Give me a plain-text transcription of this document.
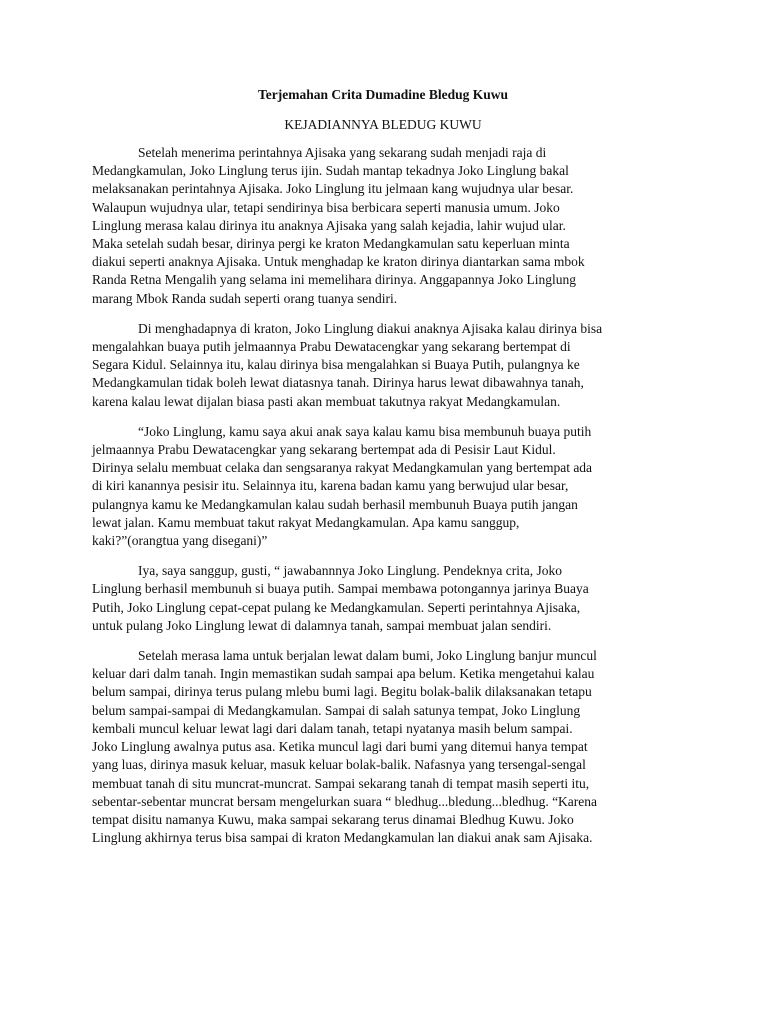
Terjemahan Crita Dumadine Bledug Kuwu
KEJADIANNYA BLEDUG KUWU
Setelah menerima perintahnya Ajisaka yang sekarang sudah menjadi raja di
Medangkamulan, Joko Linglung terus ijin. Sudah mantap tekadnya Joko Linglung bakal
melaksanakan perintahnya Ajisaka. Joko Linglung itu jelmaan kang wujudnya ular besar.
Walaupun wujudnya ular, tetapi sendirinya bisa berbicara seperti manusia umum. Joko
Linglung merasa kalau dirinya itu anaknya Ajisaka yang salah kejadia, lahir wujud ular.
Maka setelah sudah besar, dirinya pergi ke kraton Medangkamulan satu keperluan minta
diakui seperti anaknya Ajisaka. Untuk menghadap ke kraton dirinya diantarkan sama mbok
Randa Retna Mengalih yang selama ini memelihara dirinya. Anggapannya Joko Linglung
marang Mbok Randa sudah seperti orang tuanya sendiri.
Di menghadapnya di kraton, Joko Linglung diakui anaknya Ajisaka kalau dirinya bisa
mengalahkan buaya putih jelmaannya Prabu Dewatacengkar yang sekarang bertempat di
Segara Kidul. Selainnya itu, kalau dirinya bisa mengalahkan si Buaya Putih, pulangnya ke
Medangkamulan tidak boleh lewat diatasnya tanah. Dirinya harus lewat dibawahnya tanah,
karena kalau lewat dijalan biasa pasti akan membuat takutnya rakyat Medangkamulan.
“Joko Linglung, kamu saya akui anak saya kalau kamu bisa membunuh buaya putih
jelmaannya Prabu Dewatacengkar yang sekarang bertempat ada di Pesisir Laut Kidul.
Dirinya selalu membuat celaka dan sengsaranya rakyat Medangkamulan yang bertempat ada
di kiri kanannya pesisir itu. Selainnya itu, karena badan kamu yang berwujud ular besar,
pulangnya kamu ke Medangkamulan kalau sudah berhasil membunuh Buaya putih jangan
lewat jalan. Kamu membuat takut rakyat Medangkamulan. Apa kamu sanggup,
kaki?”(orangtua yang disegani)”
Iya, saya sanggup, gusti, “ jawabannnya Joko Linglung. Pendeknya crita, Joko
Linglung berhasil membunuh si buaya putih. Sampai membawa potongannya jarinya Buaya
Putih, Joko Linglung cepat-cepat pulang ke Medangkamulan. Seperti perintahnya Ajisaka,
untuk pulang Joko Linglung lewat di dalamnya tanah, sampai membuat jalan sendiri.
Setelah merasa lama untuk berjalan lewat dalam bumi, Joko Linglung banjur muncul
keluar dari dalm tanah. Ingin memastikan sudah sampai apa belum. Ketika mengetahui kalau
belum sampai, dirinya terus pulang mlebu bumi lagi. Begitu bolak-balik dilaksanakan tetapu
belum sampai-sampai di Medangkamulan. Sampai di salah satunya tempat, Joko Linglung
kembali muncul keluar lewat lagi dari dalam tanah, tetapi nyatanya masih belum sampai.
Joko Linglung awalnya putus asa. Ketika muncul lagi dari bumi yang ditemui hanya tempat
yang luas, dirinya masuk keluar, masuk keluar bolak-balik. Nafasnya yang tersengal-sengal
membuat tanah di situ muncrat-muncrat. Sampai sekarang tanah di tempat masih seperti itu,
sebentar-sebentar muncrat bersam mengelurkan suara “ bledhug...bledung...bledhug. “Karena
tempat disitu namanya Kuwu, maka sampai sekarang terus dinamai Bledhug Kuwu. Joko
Linglung akhirnya terus bisa sampai di kraton Medangkamulan lan diakui anak sam Ajisaka.
